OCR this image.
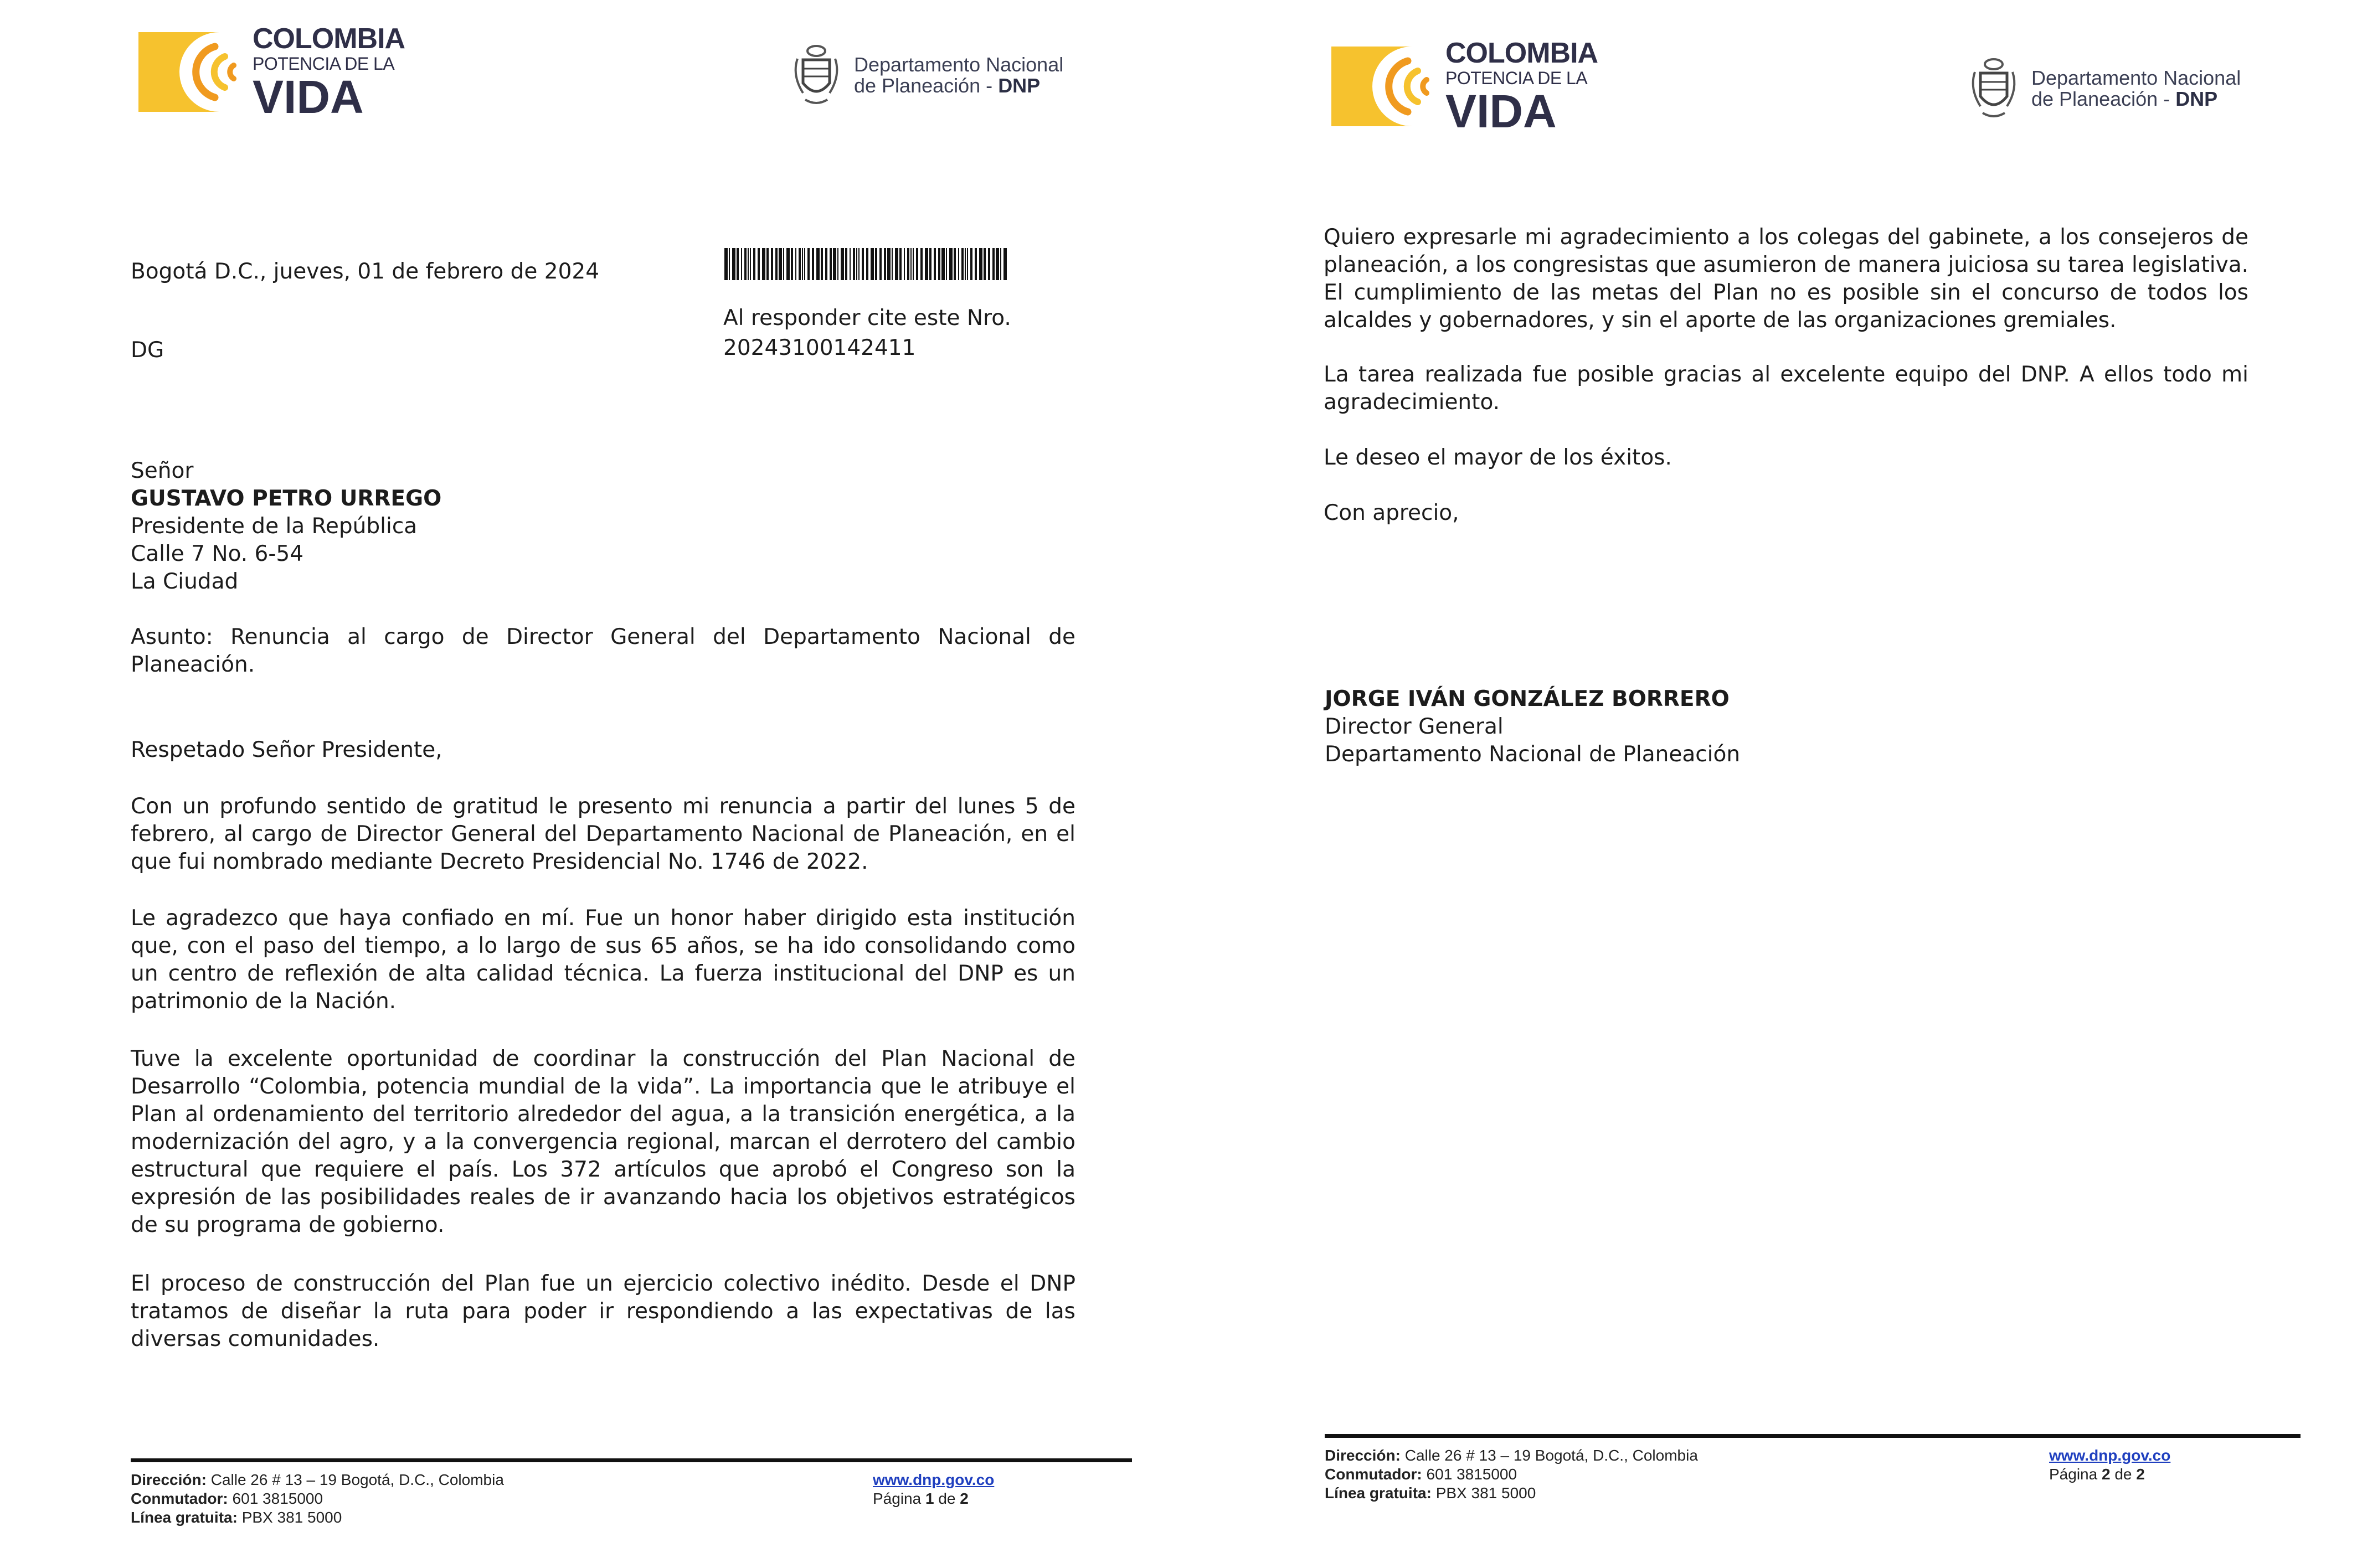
COLOMBIA
POTENCIA DE LA
VIDA
Departamento Nacional
de Planeación - DNP
Bogotá D.C., jueves, 01 de febrero de 2024
Al responder cite este Nro.
20243100142411
DG
Señor
GUSTAVO PETRO URREGO
Presidente de la República
Calle 7 No. 6-54
La Ciudad
Asunto: Renuncia al cargo de Director General del Departamento Nacional de Planeación.
Respetado Señor Presidente,
Con un profundo sentido de gratitud le presento mi renuncia a partir del lunes 5 de febrero, al cargo de Director General del Departamento Nacional de Planeación, en el que fui nombrado mediante Decreto Presidencial No. 1746 de 2022.
Le agradezco que haya confiado en mí. Fue un honor haber dirigido esta institución que, con el paso del tiempo, a lo largo de sus 65 años, se ha ido consolidando como un centro de reflexión de alta calidad técnica. La fuerza institucional del DNP es un patrimonio de la Nación.
Tuve la excelente oportunidad de coordinar la construcción del Plan Nacional de Desarrollo “Colombia, potencia mundial de la vida”. La importancia que le atribuye el Plan al ordenamiento del territorio alrededor del agua, a la transición energética, a la modernización del agro, y a la convergencia regional, marcan el derrotero del cambio estructural que requiere el país. Los 372 artículos que aprobó el Congreso son la expresión de las posibilidades reales de ir avanzando hacia los objetivos estratégicos de su programa de gobierno.
El proceso de construcción del Plan fue un ejercicio colectivo inédito. Desde el DNP tratamos de diseñar la ruta para poder ir respondiendo a las expectativas de las diversas comunidades.
Dirección: Calle 26 # 13 – 19 Bogotá, D.C., Colombia
Conmutador: 601 3815000
Línea gratuita: PBX 381 5000
www.dnp.gov.co
Página 1 de 2
COLOMBIA
POTENCIA DE LA
VIDA
Departamento Nacional
de Planeación - DNP
Quiero expresarle mi agradecimiento a los colegas del gabinete, a los consejeros de planeación, a los congresistas que asumieron de manera juiciosa su tarea legislativa. El cumplimiento de las metas del Plan no es posible sin el concurso de todos los alcaldes y gobernadores, y sin el aporte de las organizaciones gremiales.
La tarea realizada fue posible gracias al excelente equipo del DNP. A ellos todo mi agradecimiento.
Le deseo el mayor de los éxitos.
Con aprecio,
JORGE IVÁN GONZÁLEZ BORRERO
Director General
Departamento Nacional de Planeación
Dirección: Calle 26 # 13 – 19 Bogotá, D.C., Colombia
Conmutador: 601 3815000
Línea gratuita: PBX 381 5000
www.dnp.gov.co
Página 2 de 2
